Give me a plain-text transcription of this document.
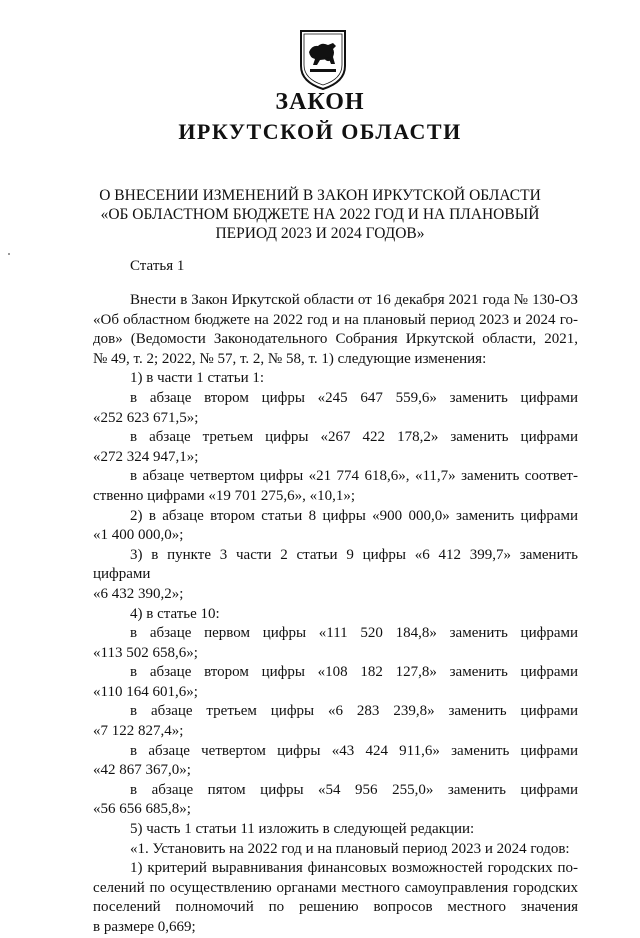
ЗАКОН
ИРКУТСКОЙ ОБЛАСТИ
О ВНЕСЕНИИ ИЗМЕНЕНИЙ В ЗАКОН ИРКУТСКОЙ ОБЛАСТИ
«ОБ ОБЛАСТНОМ БЮДЖЕТЕ НА 2022 ГОД И НА ПЛАНОВЫЙ
ПЕРИОД 2023 И 2024 ГОДОВ»
Статья 1

Внести в Закон Иркутской области от 16 декабря 2021 года № 130-ОЗ

«Об областном бюджете на 2022 год и на плановый период 2023 и 2024 го-

дов» (Ведомости Законодательного Собрания Иркутской области, 2021,

№ 49, т. 2; 2022, № 57, т. 2, № 58, т. 1) следующие изменения:

1) в части 1 статьи 1:

в абзаце втором цифры «245 647 559,6» заменить цифрами

«252 623 671,5»;

в абзаце третьем цифры «267 422 178,2» заменить цифрами

«272 324 947,1»;

в абзаце четвертом цифры «21 774 618,6», «11,7» заменить соответ-

ственно цифрами «19 701 275,6», «10,1»;

2) в абзаце втором статьи 8 цифры «900 000,0» заменить цифрами

«1 400 000,0»;

3) в пункте 3 части 2 статьи 9 цифры «6 412 399,7» заменить цифрами

«6 432 390,2»;

4) в статье 10:

в абзаце первом цифры «111 520 184,8» заменить цифрами

«113 502 658,6»;

в абзаце втором цифры «108 182 127,8» заменить цифрами

«110 164 601,6»;

в абзаце третьем цифры «6 283 239,8» заменить цифрами

«7 122 827,4»;

в абзаце четвертом цифры «43 424 911,6» заменить цифрами

«42 867 367,0»;

в абзаце пятом цифры «54 956 255,0» заменить цифрами

«56 656 685,8»;

5) часть 1 статьи 11 изложить в следующей редакции:

«1. Установить на 2022 год и на плановый период 2023 и 2024 годов:

1) критерий выравнивания финансовых возможностей городских по-

селений по осуществлению органами местного самоуправления городских

поселений полномочий по решению вопросов местного значения

в размере 0,669;
